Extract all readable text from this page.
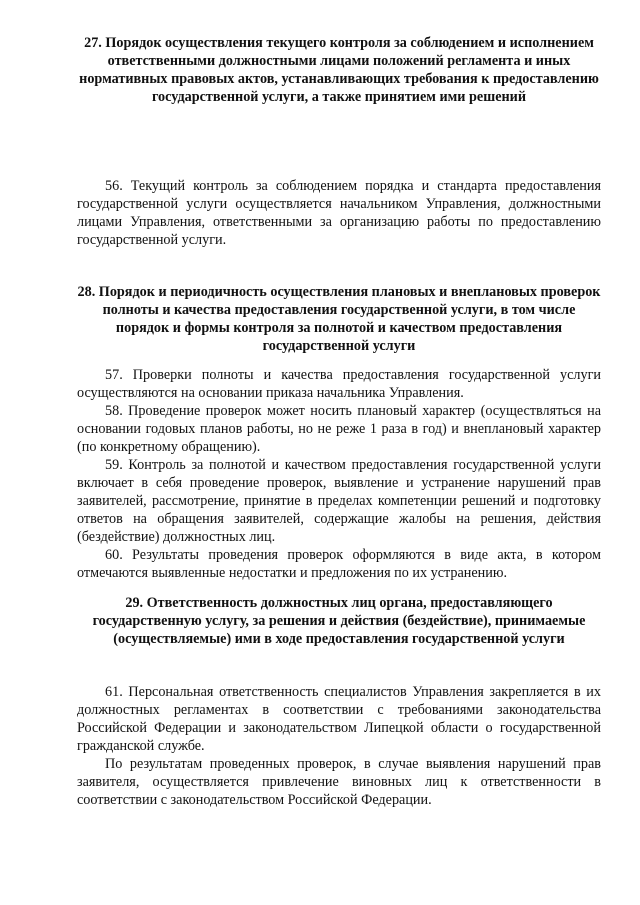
27. Порядок осуществления текущего контроля за соблюдением и исполнением ответственными должностными лицами положений регламента и иных нормативных правовых актов, устанавливающих требования к предоставлению государственной услуги, а также принятием ими решений

56. Текущий контроль за соблюдением порядка и стандарта предоставления государственной услуги осуществляется начальником Управления, должностными лицами Управления, ответственными за организацию работы по предоставлению государственной услуги.

28. Порядок и периодичность осуществления плановых и внеплановых проверок полноты и качества предоставления государственной услуги, в том числе порядок и формы контроля за полнотой и качеством предоставления государственной услуги

57. Проверки полноты и качества предоставления государственной услуги осуществляются на основании приказа начальника Управления.

58. Проведение проверок может носить плановый характер (осуществляться на основании годовых планов работы, но не реже 1 раза в год) и внеплановый характер (по конкретному обращению).

59. Контроль за полнотой и качеством предоставления государственной услуги включает в себя проведение проверок, выявление и устранение нарушений прав заявителей, рассмотрение, принятие в пределах компетенции решений и подготовку ответов на обращения заявителей, содержащие жалобы на решения, действия (бездействие) должностных лиц.

60. Результаты проведения проверок оформляются в виде акта, в котором отмечаются выявленные недостатки и предложения по их устранению.

29. Ответственность должностных лиц органа, предоставляющего государственную услугу, за решения и действия (бездействие), принимаемые (осуществляемые) ими в ходе предоставления государственной услуги

61. Персональная ответственность специалистов Управления закрепляется в их должностных регламентах в соответствии с требованиями законодательства Российской Федерации и законодательством Липецкой области о государственной гражданской службе.

По результатам проведенных проверок, в случае выявления нарушений прав заявителя, осуществляется привлечение виновных лиц к ответственности в соответствии с законодательством Российской Федерации.
